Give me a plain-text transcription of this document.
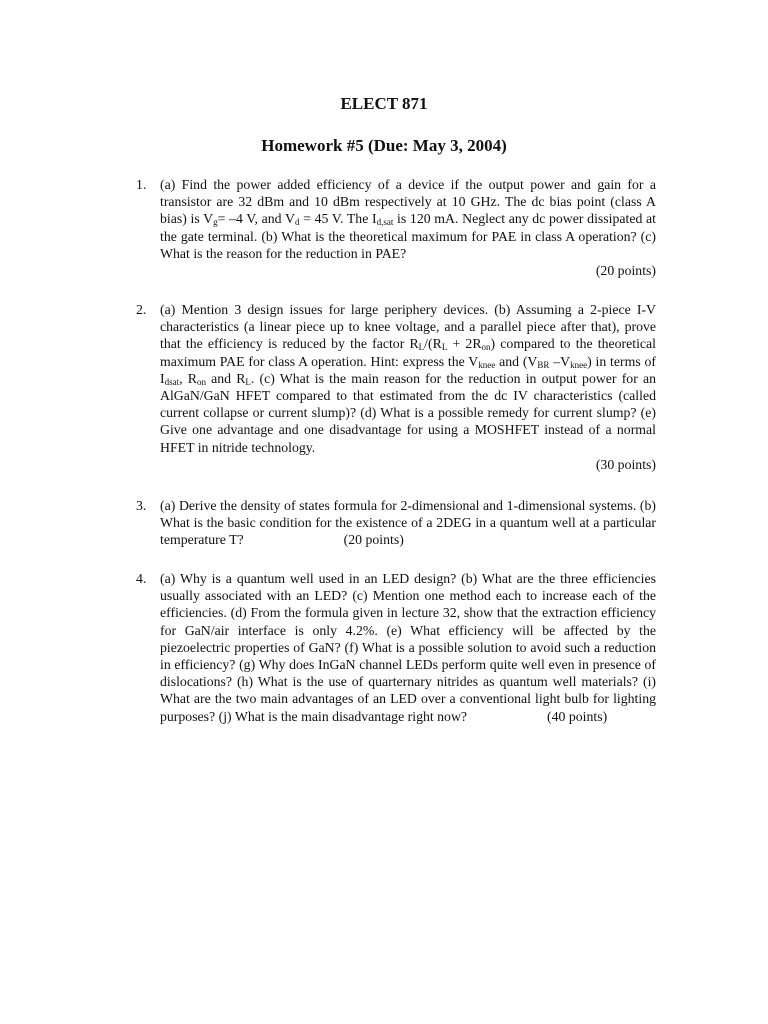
ELECT 871
Homework #5 (Due: May 3, 2004)
1. (a) Find the power added efficiency of a device if the output power and gain for a transistor are 32 dBm and 10 dBm respectively at 10 GHz. The dc bias point (class A bias) is $V_g= -4$ V, and $V_d = 45$ V. The $I_{d,sat}$ is 120 mA. Neglect any dc power dissipated at the gate terminal. (b) What is the theoretical maximum for PAE in class A operation? (c) What is the reason for the reduction in PAE?
(20 points)
2. (a) Mention 3 design issues for large periphery devices. (b) Assuming a 2-piece I-V characteristics (a linear piece up to knee voltage, and a parallel piece after that), prove that the efficiency is reduced by the factor $R_L/(R_L + 2R_{on})$ compared to the theoretical maximum PAE for class A operation. Hint: express the $V_{knee}$ and ($V_{BR}$ $-V_{knee}$) in terms of $I_{dsat}$, $R_{on}$ and $R_L$. (c) What is the main reason for the reduction in output power for an AlGaN/GaN HFET compared to that estimated from the dc IV characteristics (called current collapse or current slump)? (d) What is a possible remedy for current slump? (e) Give one advantage and one disadvantage for using a MOSHFET instead of a normal HFET in nitride technology.
(30 points)
3. (a) Derive the density of states formula for 2-dimensional and 1-dimensional systems. (b) What is the basic condition for the existence of a 2DEG in a quantum well at a particular temperature T?	(20 points)
4. (a) Why is a quantum well used in an LED design? (b) What are the three efficiencies usually associated with an LED? (c) Mention one method each to increase each of the efficiencies. (d) From the formula given in lecture 32, show that the extraction efficiency for GaN/air interface is only 4.2%. (e) What efficiency will be affected by the piezoelectric properties of GaN? (f) What is a possible solution to avoid such a reduction in efficiency? (g) Why does InGaN channel LEDs perform quite well even in presence of dislocations? (h) What is the use of quarternary nitrides as quantum well materials? (i) What are the two main advantages of an LED over a conventional light bulb for lighting purposes? (j) What is the main disadvantage right now?	(40 points)
